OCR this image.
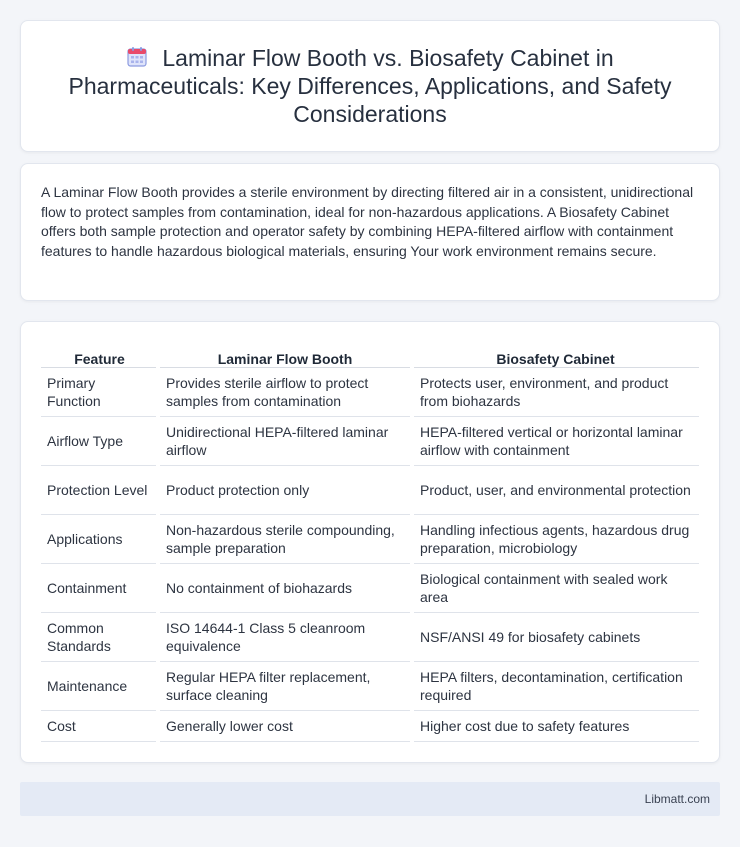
Laminar Flow Booth vs. Biosafety Cabinet in Pharmaceuticals: Key Differences, Applications, and Safety Considerations

A Laminar Flow Booth provides a sterile environment by directing filtered air in a consistent, unidirectional flow to protect samples from contamination, ideal for non-hazardous applications. A Biosafety Cabinet offers both sample protection and operator safety by combining HEPA-filtered airflow with containment features to handle hazardous biological materials, ensuring Your work environment remains secure.

Feature	Laminar Flow Booth	Biosafety Cabinet
Primary Function	Provides sterile airflow to protect samples from contamination	Protects user, environment, and product from biohazards
Airflow Type	Unidirectional HEPA-filtered laminar airflow	HEPA-filtered vertical or horizontal laminar airflow with containment
Protection Level	Product protection only	Product, user, and environmental protection
Applications	Non-hazardous sterile compounding, sample preparation	Handling infectious agents, hazardous drug preparation, microbiology
Containment	No containment of biohazards	Biological containment with sealed work area
Common Standards	ISO 14644-1 Class 5 cleanroom equivalence	NSF/ANSI 49 for biosafety cabinets
Maintenance	Regular HEPA filter replacement, surface cleaning	HEPA filters, decontamination, certification required
Cost	Generally lower cost	Higher cost due to safety features
Libmatt.com
